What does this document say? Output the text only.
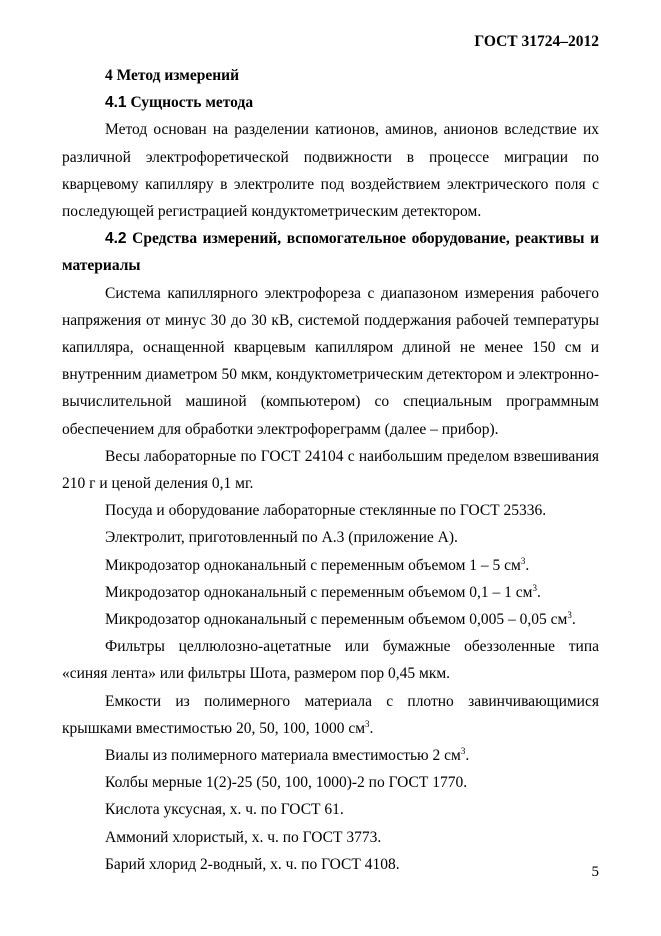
ГОСТ 31724–2012
4 Метод измерений
4.1 Сущность метода

Метод основан на разделении катионов, аминов, анионов вследствие их различной электрофоретической подвижности в процессе миграции по кварцевому капилляру в электролите под воздействием электрического поля с последующей регистрацией кондуктометрическим детектором.

4.2 Средства измерений, вспомогательное оборудование, реактивы и материалы

Система капиллярного электрофореза с диапазоном измерения рабочего напряжения от минус 30 до 30 кВ, системой поддержания рабочей температуры капилляра, оснащенной кварцевым капилляром длиной не менее 150 см и внутренним диаметром 50 мкм, кондуктометрическим детектором и электронно-вычислительной машиной (компьютером) со специальным программным обеспечением для обработки электрофореграмм (далее – прибор).

Весы лабораторные по ГОСТ 24104 с наибольшим пределом взвешивания 210 г и ценой деления 0,1 мг.

Посуда и оборудование лабораторные стеклянные по ГОСТ 25336.

Электролит, приготовленный по А.3 (приложение А).

Микродозатор одноканальный с переменным объемом 1 – 5 $см^3$.

Микродозатор одноканальный с переменным объемом 0,1 – 1 $см^3$.

Микродозатор одноканальный с переменным объемом 0,005 – 0,05 $см^3$.

Фильтры целлюлозно-ацетатные или бумажные обеззоленные типа «синяя лента» или фильтры Шота, размером пор 0,45 мкм.

Емкости из полимерного материала с плотно завинчивающимися крышками вместимостью 20, 50, 100, 1000 $см^3$.

Виалы из полимерного материала вместимостью 2 $см^3$.

Колбы мерные 1(2)-25 (50, 100, 1000)-2 по ГОСТ 1770.

Кислота уксусная, х. ч. по ГОСТ 61.

Аммоний хлористый, х. ч. по ГОСТ 3773.

Барий хлорид 2-водный, х. ч. по ГОСТ 4108.	5
